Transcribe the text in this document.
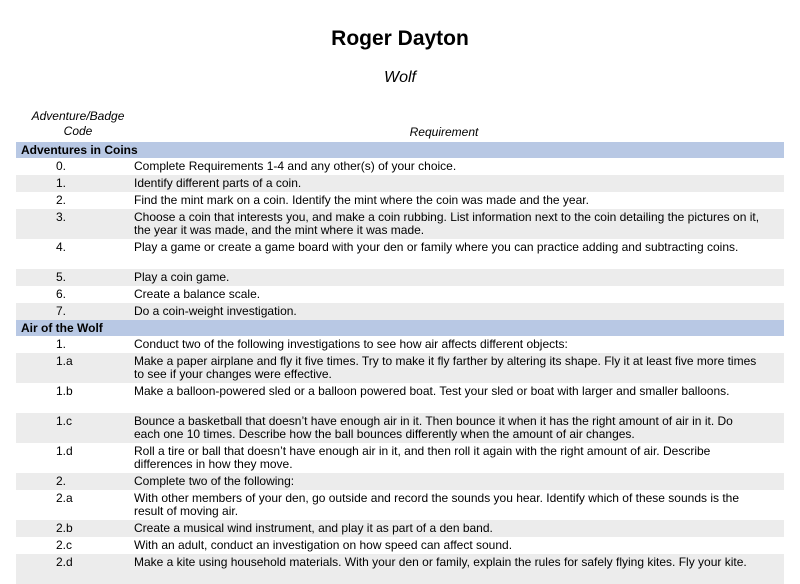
Roger Dayton
Wolf
Adventure/Badge
Code	Requirement
Adventures in Coins
0.	Complete Requirements 1-4 and any other(s) of your choice.
1.	Identify different parts of a coin.
2.	Find the mint mark on a coin. Identify the mint where the coin was made and the year.
3.	Choose a coin that interests you, and make a coin rubbing. List information next to the coin detailing the pictures on it, the year it was made, and the mint where it was made.
4.	Play a game or create a game board with your den or family where you can practice adding and subtracting coins.
5.	Play a coin game.
6.	Create a balance scale.
7.	Do a coin-weight investigation.
Air of the Wolf
1.	Conduct two of the following investigations to see how air affects different objects:
1.a	Make a paper airplane and fly it five times. Try to make it fly farther by altering its shape. Fly it at least five more times to see if your changes were effective.
1.b	Make a balloon-powered sled or a balloon powered boat. Test your sled or boat with larger and smaller balloons.
1.c	Bounce a basketball that doesn’t have enough air in it. Then bounce it when it has the right amount of air in it. Do each one 10 times. Describe how the ball bounces differently when the amount of air changes.
1.d	Roll a tire or ball that doesn’t have enough air in it, and then roll it again with the right amount of air. Describe differences in how they move.
2.	Complete two of the following:
2.a	With other members of your den, go outside and record the sounds you hear. Identify which of these sounds is the result of moving air.
2.b	Create a musical wind instrument, and play it as part of a den band.
2.c	With an adult, conduct an investigation on how speed can affect sound.
2.d	Make a kite using household materials. With your den or family, explain the rules for safely flying kites. Fly your kite.
